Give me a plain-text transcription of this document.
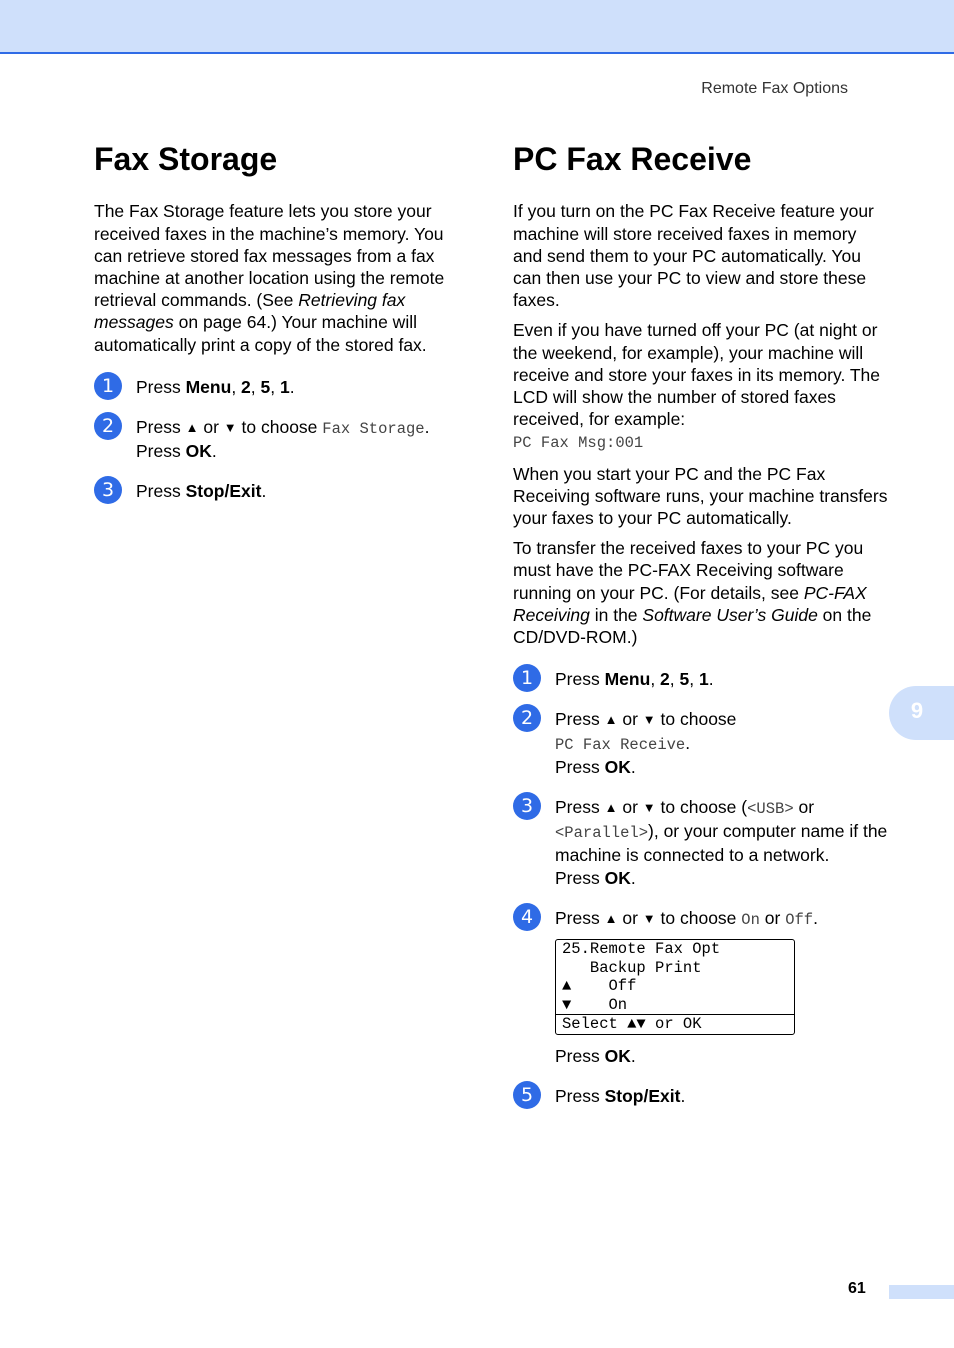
Remote Fax Options
Fax Storage

The Fax Storage feature lets you store your received faxes in the machine’s memory. You can retrieve stored fax messages from a fax machine at another location using the remote retrieval commands. (See Retrieving fax messages on page 64.) Your machine will automatically print a copy of the stored fax.

1	Press Menu, 2, 5, 1.
2	Press ▲ or ▼ to choose Fax Storage.
Press OK.
3	Press Stop/Exit.
PC Fax Receive

If you turn on the PC Fax Receive feature your machine will store received faxes in memory and send them to your PC automatically. You can then use your PC to view and store these faxes.

Even if you have turned off your PC (at night or the weekend, for example), your machine will receive and store your faxes in its memory. The LCD will show the number of stored faxes received, for example:
PC Fax Msg:001

When you start your PC and the PC Fax Receiving software runs, your machine transfers your faxes to your PC automatically.

To transfer the received faxes to your PC you must have the PC-FAX Receiving software running on your PC. (For details, see PC-FAX Receiving in the Software User’s Guide on the CD/DVD-ROM.)

1	Press Menu, 2, 5, 1.
2	Press ▲ or ▼ to choose
PC Fax Receive.
Press OK.
3	Press ▲ or ▼ to choose (<USB> or
<Parallel>), or your computer name if the machine is connected to a network.
Press OK.
4	Press ▲ or ▼ to choose On or Off.
25.Remote Fax Opt
Backup Print
▲    Off
▼    On
Select ▲▼ or OK
Press OK.
5	Press Stop/Exit.
9
61
